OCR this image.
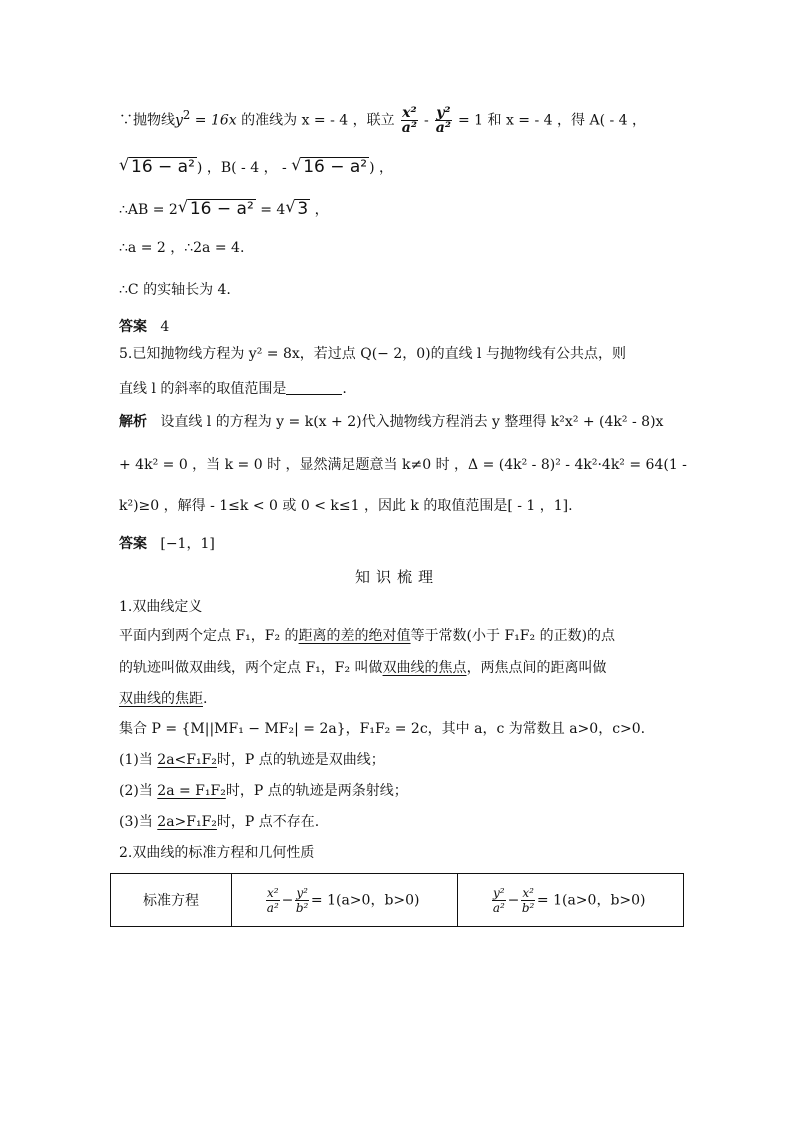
∵抛物线$y^2 = 16x$ 的准线为 x = - 4 ，联立 $\frac{\text{x²}}{\text{a²}} - \frac{\text{y²}}{\text{a²}} = 1$ 和 x = - 4 ，得 A( - 4 ，
√ 16 − a² ) ，B( - 4 ， - √ 16 − a² ) ，
∴AB = 2 √ 16 − a² = 4 √ 3 ，
∴a = 2 ，∴2a = 4.
∴C 的实轴长为 4.
答案 4
5.已知抛物线方程为 y² = 8x，若过点 Q(− 2，0)的直线 l 与抛物线有公共点，则
直线 l 的斜率的取值范围是	.
解析 设直线 l 的方程为 y = k(x + 2)代入抛物线方程消去 y 整理得 k²x² + (4k² - 8)x
+ 4k² = 0 ，当 k = 0 时 ，显然满足题意当 k≠0 时 ，Δ = (4k² - 8)² - 4k²·4k² = 64(1 -
k²)≥0 ，解得 - 1≤k < 0 或 0 < k≤1 ，因此 k 的取值范围是[ - 1 ，1].
答案 [−1，1]
知识梳理
1.双曲线定义
平面内到两个定点 F₁，F₂ 的距离的差的绝对值等于常数(小于 F₁F₂ 的正数)的点
的轨迹叫做双曲线，两个定点 F₁，F₂ 叫做双曲线的焦点，两焦点间的距离叫做
双曲线的焦距.
集合 P = {M||MF₁ − MF₂| = 2a}，F₁F₂ = 2c，其中 a，c 为常数且 a>0，c>0.
(1)当 2a<F₁F₂时，P 点的轨迹是双曲线；
(2)当 2a = F₁F₂时，P 点的轨迹是两条射线；
(3)当 2a>F₁F₂时，P 点不存在.
2.双曲线的标准方程和几何性质
标准方程	$\frac{\text{x²}}{\text{a²}} - \frac{\text{y²}}{\text{b²}} = 1(a>0$，b>0)	$\frac{\text{y²}}{\text{a²}} - \frac{\text{x²}}{\text{b²}} = 1(a>0$，b>0)
